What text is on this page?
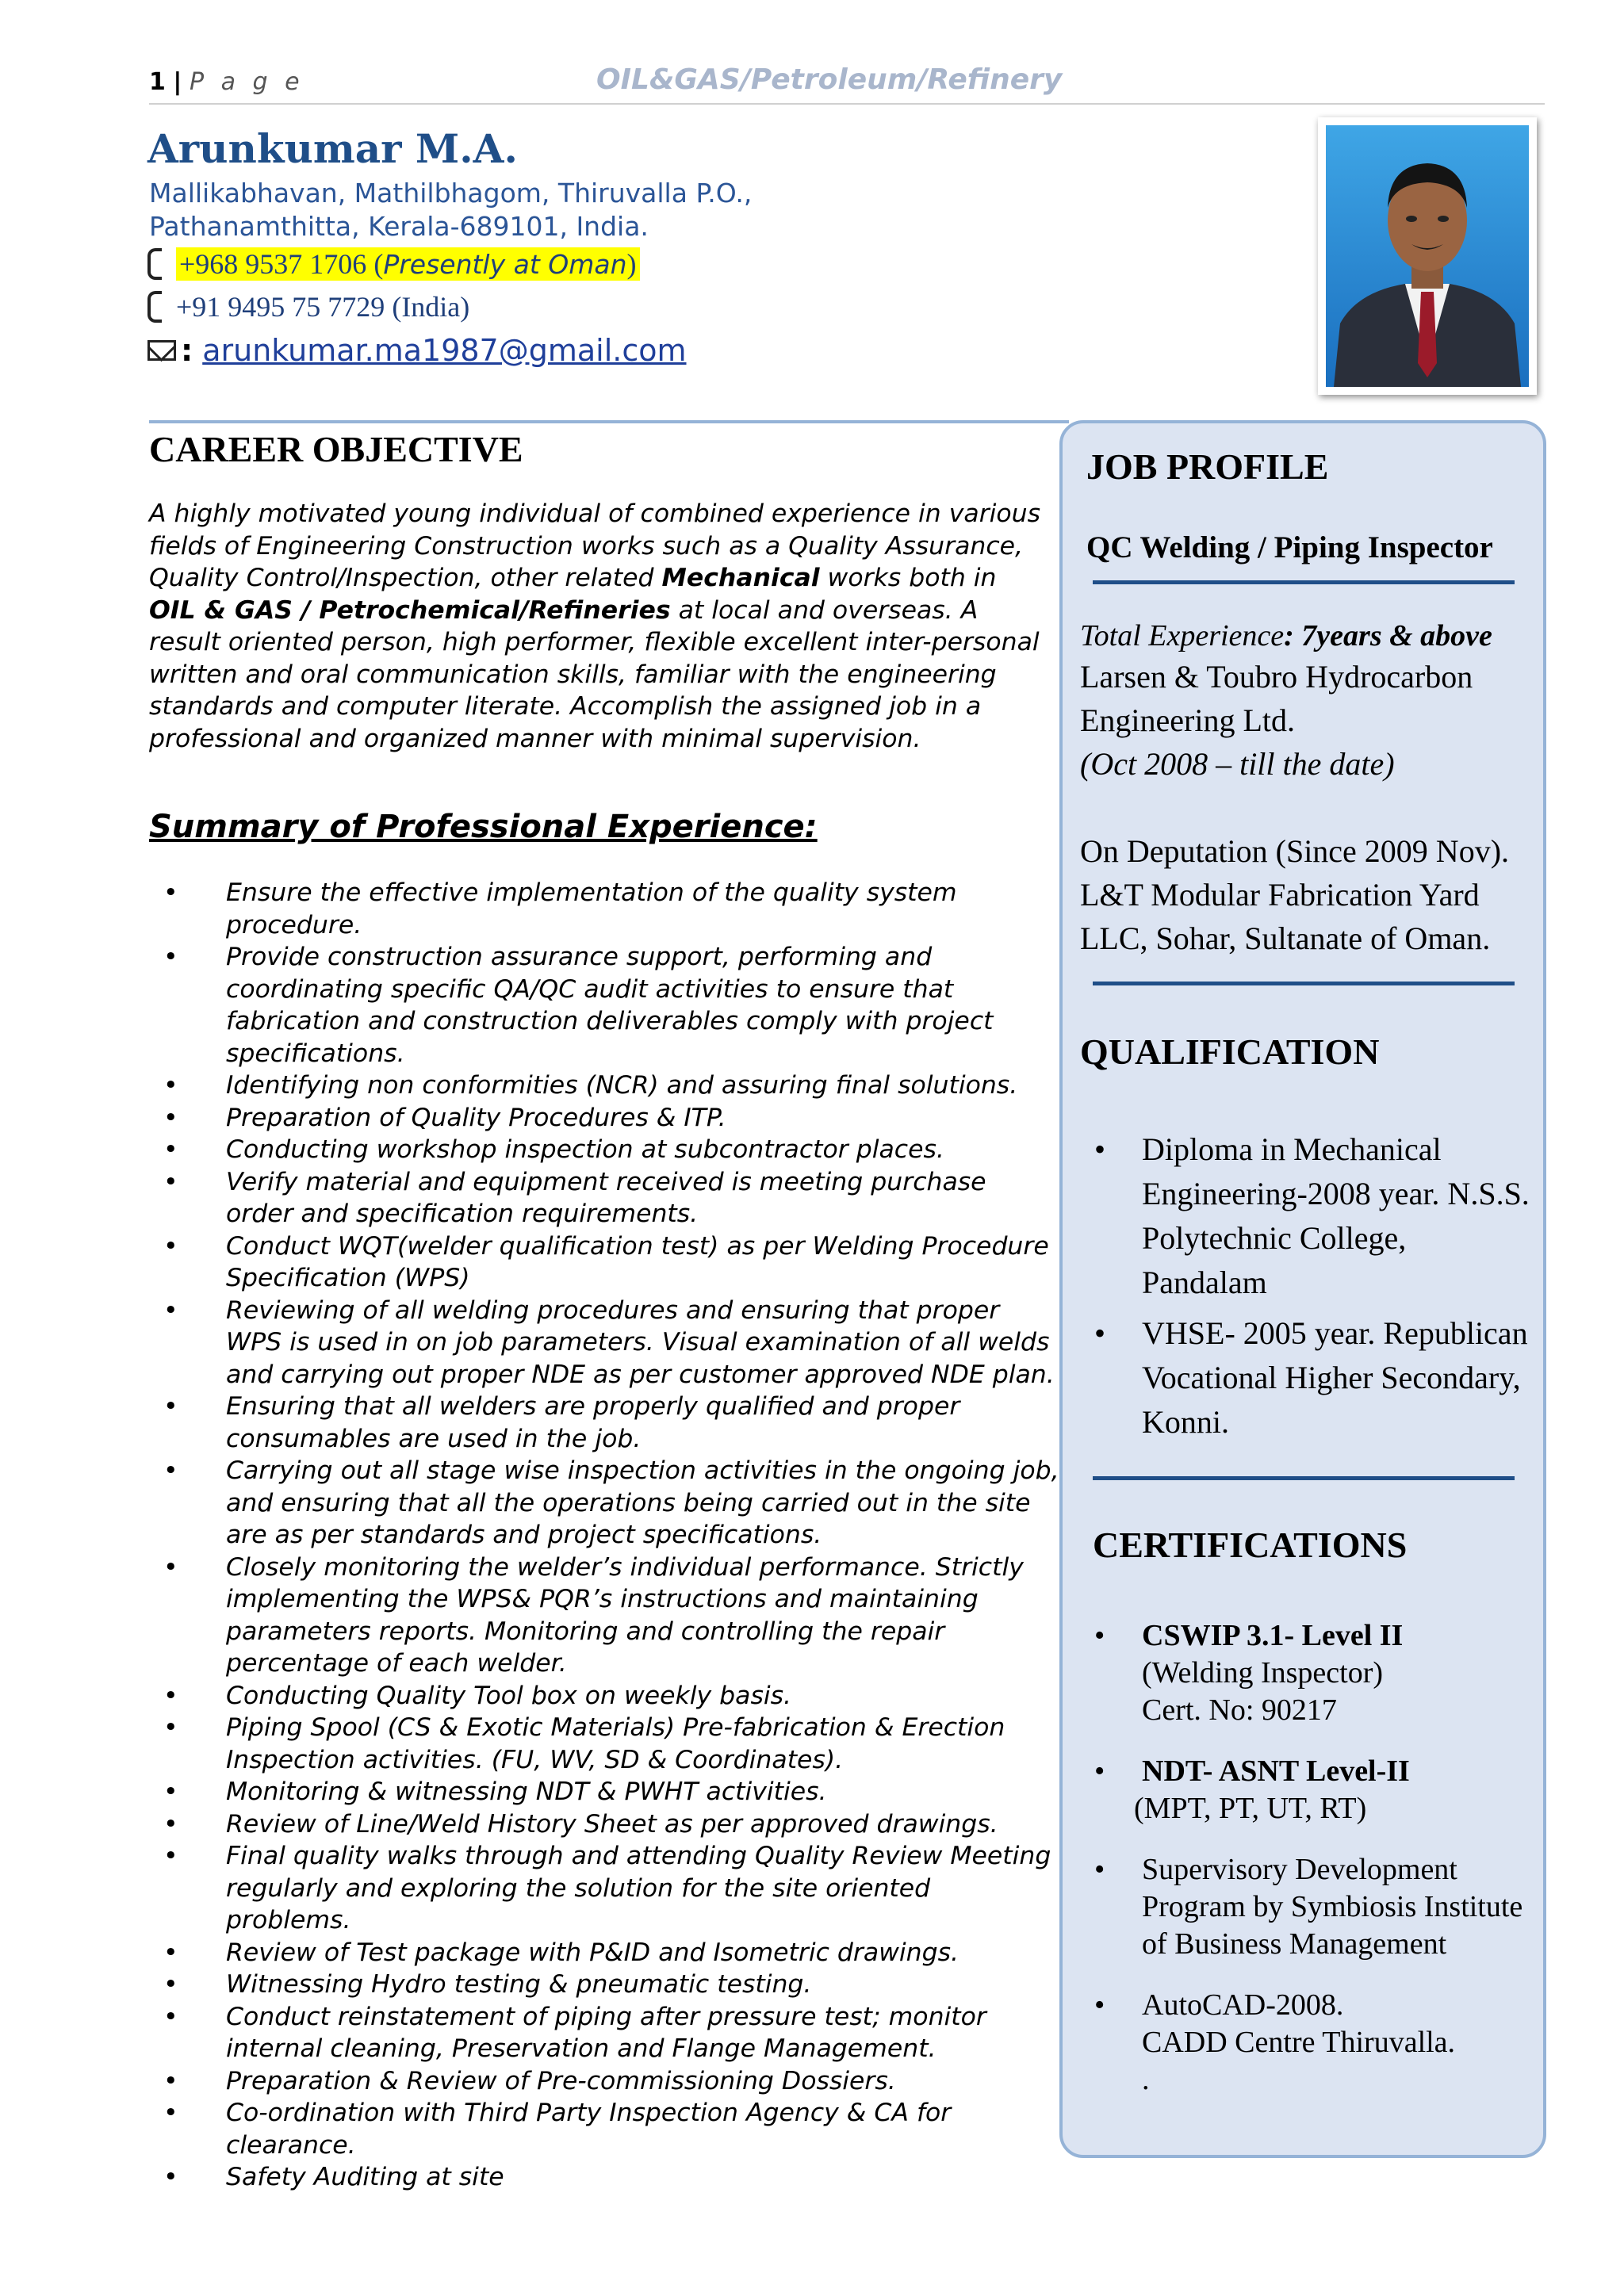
1 | P a g e	OIL&GAS/Petroleum/Refinery
Arunkumar M.A.
Mallikabhavan, Mathilbhagom, Thiruvalla P.O.,
Pathanamthitta, Kerala-689101, India.
+968 9537 1706 (Presently at Oman)
+91 9495 75 7729 ( India )
: arunkumar.ma1987@gmail.com
CAREER OBJECTIVE
A highly motivated young individual of combined experience in various fields of Engineering Construction works such as a Quality Assurance, Quality Control/Inspection, other related Mechanical works both in OIL & GAS / Petrochemical/Refineries at local and overseas. A result oriented person, high performer, flexible excellent inter-personal written and oral communication skills, familiar with the engineering standards and computer literate. Accomplish the assigned job in a professional and organized manner with minimal supervision.
Summary of Professional Experience:
• Ensure the effective implementation of the quality system procedure.
• Provide construction assurance support, performing and coordinating specific QA/QC audit activities to ensure that fabrication and construction deliverables comply with project specifications.
• Identifying non conformities (NCR) and assuring final solutions.
• Preparation of Quality Procedures & ITP.
• Conducting workshop inspection at subcontractor places.
• Verify material and equipment received is meeting purchase order and specification requirements.
• Conduct WQT(welder qualification test) as per Welding Procedure Specification (WPS)
• Reviewing of all welding procedures and ensuring that proper WPS is used in on job parameters. Visual examination of all welds and carrying out proper NDE as per customer approved NDE plan.
• Ensuring that all welders are properly qualified and proper consumables are used in the job.
• Carrying out all stage wise inspection activities in the ongoing job, and ensuring that all the operations being carried out in the site are as per standards and project specifications.
• Closely monitoring the welder’s individual performance. Strictly implementing the WPS& PQR’s instructions and maintaining parameters reports. Monitoring and controlling the repair percentage of each welder.
• Conducting Quality Tool box on weekly basis.
• Piping Spool (CS & Exotic Materials) Pre-fabrication & Erection Inspection activities. (FU, WV, SD & Coordinates).
• Monitoring & witnessing NDT & PWHT activities.
• Review of Line/Weld History Sheet as per approved drawings.
• Final quality walks through and attending Quality Review Meeting regularly and exploring the solution for the site oriented problems.
• Review of Test package with P&ID and Isometric drawings.
• Witnessing Hydro testing & pneumatic testing.
• Conduct reinstatement of piping after pressure test; monitor internal cleaning, Preservation and Flange Management.
• Preparation & Review of Pre-commissioning Dossiers.
• Co-ordination with Third Party Inspection Agency & CA for clearance.
• Safety Auditing at site
JOB PROFILE
QC Welding / Piping Inspector
Total Experience: 7years & above
Larsen & Toubro Hydrocarbon
Engineering Ltd.
(Oct 2008 – till the date)
On Deputation (Since 2009 Nov).
L&T Modular Fabrication Yard
LLC, Sohar, Sultanate of Oman.
QUALIFICATION
• Diploma in Mechanical Engineering-2008 year. N.S.S. Polytechnic College, Pandalam
• VHSE- 2005 year. Republican Vocational Higher Secondary, Konni.
CERTIFICATIONS
• CSWIP 3.1- Level II
(Welding Inspector)
Cert. No: 90217
• NDT- ASNT Level-II
(MPT, PT, UT, RT)
• Supervisory Development Program by Symbiosis Institute of Business Management
• AutoCAD-2008.
CADD Centre Thiruvalla.
.
